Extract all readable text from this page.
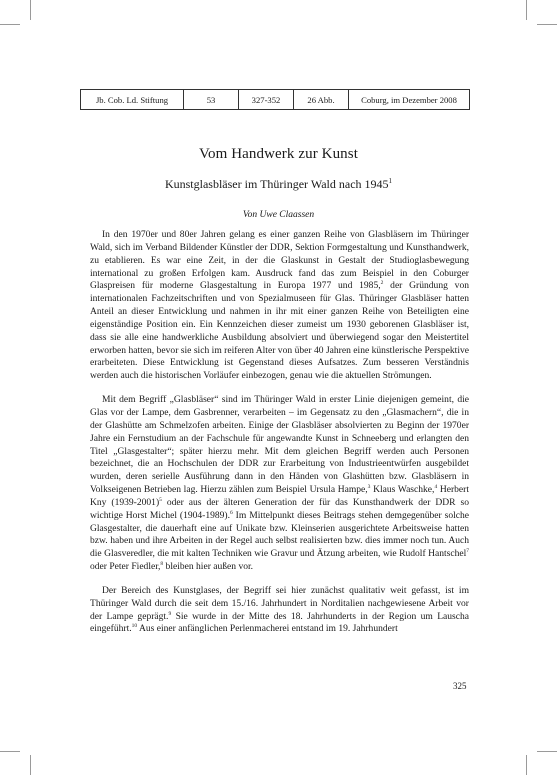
Jb. Cob. Ld. Stiftung	53	327-352	26 Abb.	Coburg, im Dezember 2008
Vom Handwerk zur Kunst
Kunstglasbläser im Thüringer Wald nach 1945$^1$
Von Uwe Claassen

In den 1970er und 80er Jahren gelang es einer ganzen Reihe von Glasbläsern im Thüringer Wald, sich im Verband Bildender Künstler der DDR, Sektion Formgestaltung und Kunsthandwerk, zu etablieren. Es war eine Zeit, in der die Glaskunst in Gestalt der Studioglasbewegung international zu großen Erfolgen kam. Ausdruck fand das zum Beispiel in den Coburger Glaspreisen für moderne Glasgestaltung in Europa 1977 und 1985,$^2$ der Gründung von internationalen Fachzeitschriften und von Spezialmuseen für Glas. Thüringer Glasbläser hatten Anteil an dieser Entwicklung und nahmen in ihr mit einer ganzen Reihe von Beteiligten eine eigenständige Position ein. Ein Kennzeichen dieser zumeist um 1930 geborenen Glasbläser ist, dass sie alle eine handwerkliche Ausbildung absolviert und überwiegend sogar den Meistertitel erworben hatten, bevor sie sich im reiferen Alter von über 40 Jahren eine künstlerische Perspektive erarbeiteten. Diese Entwicklung ist Gegenstand dieses Aufsatzes. Zum besseren Verständnis werden auch die historischen Vorläufer einbezogen, genau wie die aktuellen Strömungen.

Mit dem Begriff „Glasbläser“ sind im Thüringer Wald in erster Linie diejenigen gemeint, die Glas vor der Lampe, dem Gasbrenner, verarbeiten – im Gegensatz zu den „Glasmachern“, die in der Glashütte am Schmelzofen arbeiten. Einige der Glasbläser absolvierten zu Beginn der 1970er Jahre ein Fernstudium an der Fachschule für angewandte Kunst in Schneeberg und erlangten den Titel „Glasgestalter“; später hierzu mehr. Mit dem gleichen Begriff werden auch Personen bezeichnet, die an Hochschulen der DDR zur Erarbeitung von Industrieentwürfen ausgebildet wurden, deren serielle Ausführung dann in den Händen von Glashütten bzw. Glasbläsern in Volkseigenen Betrieben lag. Hierzu zählen zum Beispiel Ursula Hampe,$^3$ Klaus Waschke,$^4$ Herbert Kny (1939-2001)$^5$ oder aus der älteren Generation der für das Kunsthandwerk der DDR so wichtige Horst Michel (1904-1989).$^6$ Im Mittelpunkt dieses Beitrags stehen demgegenüber solche Glasgestalter, die dauerhaft eine auf Unikate bzw. Kleinserien ausgerichtete Arbeitsweise hatten bzw. haben und ihre Arbeiten in der Regel auch selbst realisierten bzw. dies immer noch tun. Auch die Glasveredler, die mit kalten Techniken wie Gravur und Ätzung arbeiten, wie Rudolf Hantschel$^7$ oder Peter Fiedler,$^8$ bleiben hier außen vor.

Der Bereich des Kunstglases, der Begriff sei hier zunächst qualitativ weit gefasst, ist im Thüringer Wald durch die seit dem 15./16. Jahrhundert in Norditalien nachgewiesene Arbeit vor der Lampe geprägt.$^9$ Sie wurde in der Mitte des 18. Jahrhunderts in der Region um Lauscha eingeführt.$^{10}$ Aus einer anfänglichen Perlenmacherei entstand im 19. Jahrhundert

325
